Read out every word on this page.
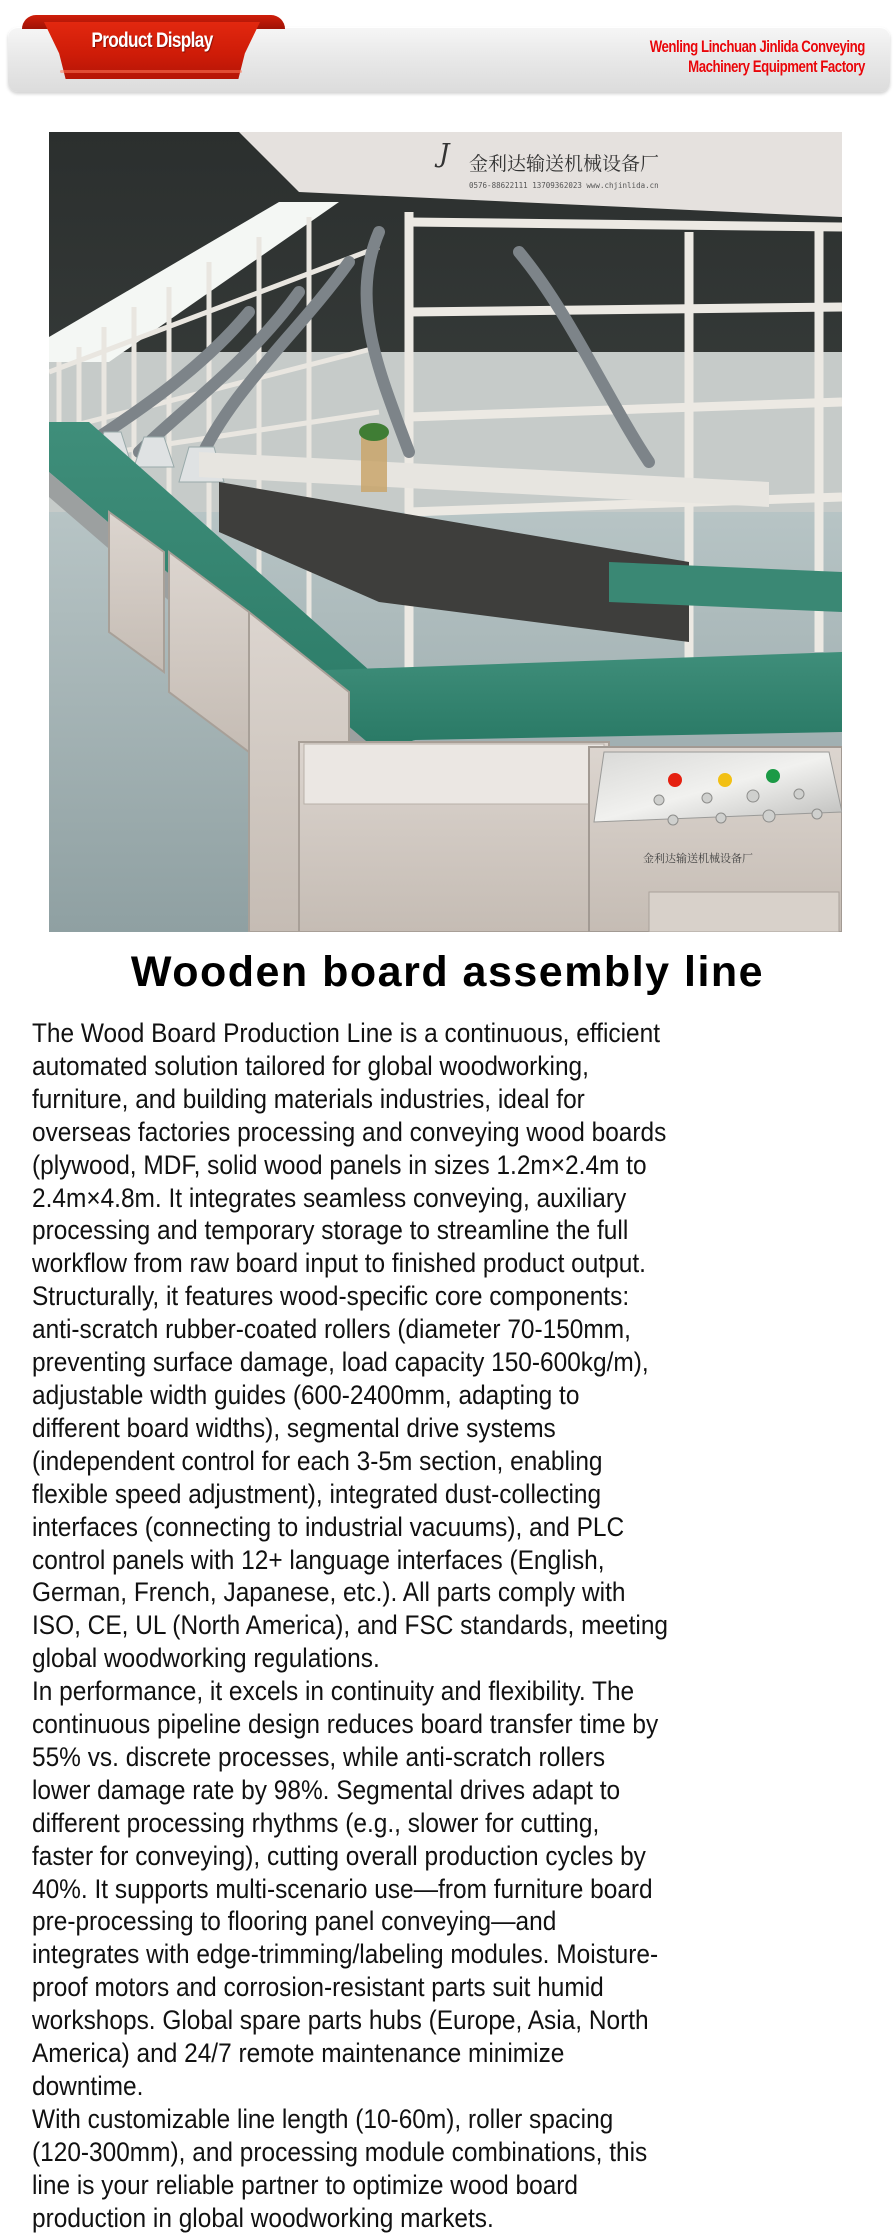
Product Display	Wenling Linchuan Jinlida Conveying
Machinery Equipment Factory
金利达输送机械设备厂
J
0576-88622111 13709362023 www.chjinlida.cn
金利达输送机械设备厂
Wooden board assembly line

The Wood Board Production Line is a continuous, efficient

automated solution tailored for global woodworking,

furniture, and building materials industries, ideal for

overseas factories processing and conveying wood boards

(plywood, MDF, solid wood panels in sizes 1.2m×2.4m to

2.4m×4.8m. It integrates seamless conveying, auxiliary

processing and temporary storage to streamline the full

workflow from raw board input to finished product output.

Structurally, it features wood-specific core components:

anti-scratch rubber-coated rollers (diameter 70-150mm,

preventing surface damage, load capacity 150-600kg/m),

adjustable width guides (600-2400mm, adapting to

different board widths), segmental drive systems

(independent control for each 3-5m section, enabling

flexible speed adjustment), integrated dust-collecting

interfaces (connecting to industrial vacuums), and PLC

control panels with 12+ language interfaces (English,

German, French, Japanese, etc.). All parts comply with

ISO, CE, UL (North America), and FSC standards, meeting

global woodworking regulations.

In performance, it excels in continuity and flexibility. The

continuous pipeline design reduces board transfer time by

55% vs. discrete processes, while anti-scratch rollers

lower damage rate by 98%. Segmental drives adapt to

different processing rhythms (e.g., slower for cutting,

faster for conveying), cutting overall production cycles by

40%. It supports multi-scenario use—from furniture board

pre-processing to flooring panel conveying—and

integrates with edge-trimming/labeling modules. Moisture-

proof motors and corrosion-resistant parts suit humid

workshops. Global spare parts hubs (Europe, Asia, North

America) and 24/7 remote maintenance minimize

downtime.

With customizable line length (10-60m), roller spacing

(120-300mm), and processing module combinations, this

line is your reliable partner to optimize wood board

production in global woodworking markets.
